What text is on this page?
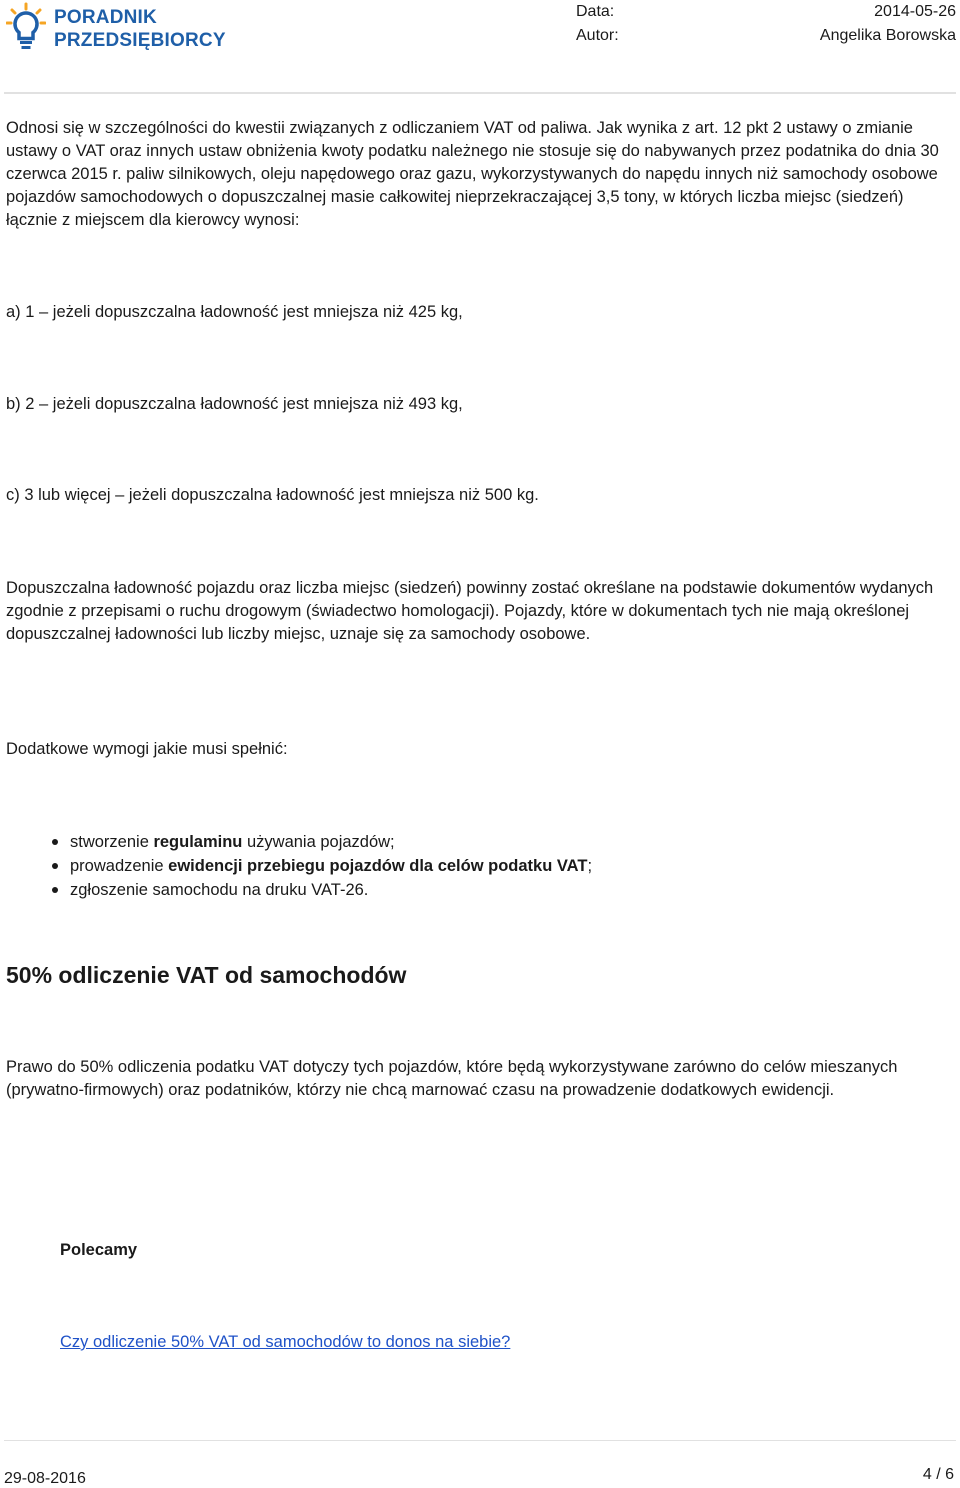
PORADNIK
PRZEDSIĘBIORCY
Data:	2014-05-26
Autor:	Angelika Borowska
Odnosi się w szczególności do kwestii związanych z odliczaniem VAT od paliwa. Jak wynika z art. 12 pkt 2 ustawy o zmianie ustawy o VAT oraz innych ustaw obniżenia kwoty podatku należnego nie stosuje się do nabywanych przez podatnika do dnia 30 czerwca 2015 r. paliw silnikowych, oleju napędowego oraz gazu, wykorzystywanych do napędu innych niż samochody osobowe pojazdów samochodowych o dopuszczalnej masie całkowitej nieprzekraczającej 3,5 tony, w których liczba miejsc (siedzeń) łącznie z miejscem dla kierowcy wynosi:
a) 1 – jeżeli dopuszczalna ładowność jest mniejsza niż 425 kg,
b) 2 – jeżeli dopuszczalna ładowność jest mniejsza niż 493 kg,
c) 3 lub więcej – jeżeli dopuszczalna ładowność jest mniejsza niż 500 kg.
Dopuszczalna ładowność pojazdu oraz liczba miejsc (siedzeń) powinny zostać określane na podstawie dokumentów wydanych zgodnie z przepisami o ruchu drogowym (świadectwo homologacji). Pojazdy, które w dokumentach tych nie mają określonej dopuszczalnej ładowności lub liczby miejsc, uznaje się za samochody osobowe.
Dodatkowe wymogi jakie musi spełnić:
stworzenie regulaminu używania pojazdów;
prowadzenie ewidencji przebiegu pojazdów dla celów podatku VAT;
zgłoszenie samochodu na druku VAT-26.
50% odliczenie VAT od samochodów
Prawo do 50% odliczenia podatku VAT dotyczy tych pojazdów, które będą wykorzystywane zarówno do celów mieszanych (prywatno-firmowych) oraz podatników, którzy nie chcą marnować czasu na prowadzenie dodatkowych ewidencji.
Polecamy
Czy odliczenie 50% VAT od samochodów to donos na siebie?
29-08-2016	4 / 6
